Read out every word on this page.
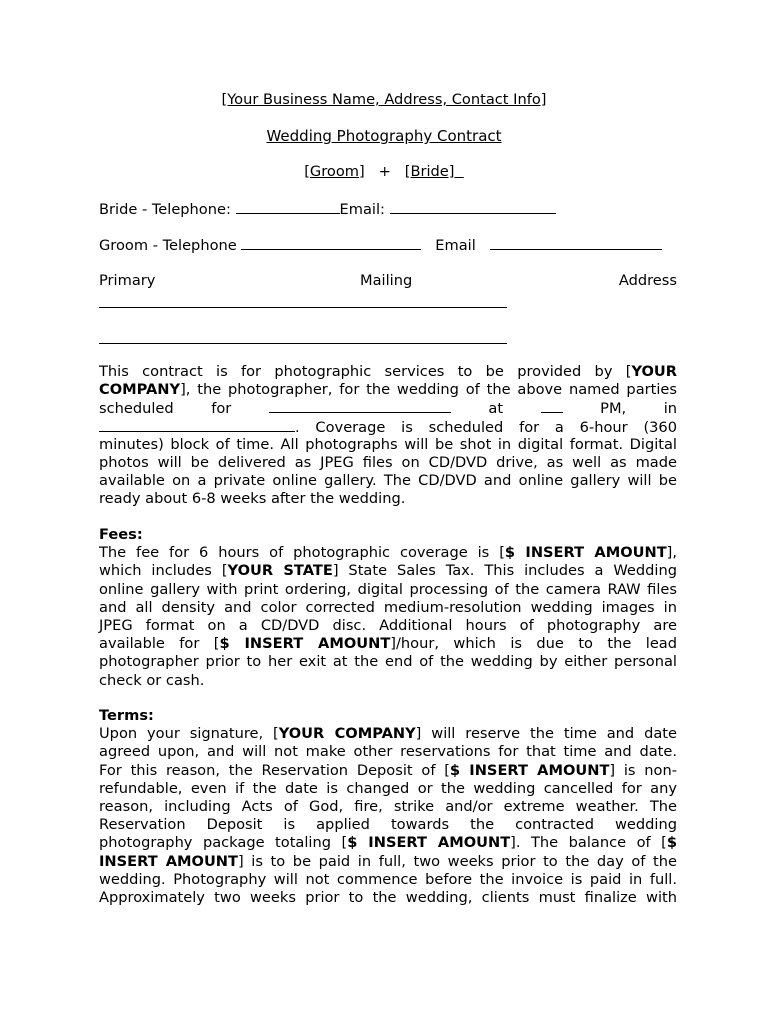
[Your Business Name, Address, Contact Info]
Wedding Photography Contract
[Groom] + [Bride]
Bride - Telephone:	Email:
Groom - Telephone	Email
Primary	Mailing	Address
This contract is for photographic services to be provided by [YOUR
COMPANY], the photographer, for the wedding of the above named parties
scheduled	for	at	PM,	in
. Coverage is scheduled for a 6-hour (360
minutes) block of time. All photographs will be shot in digital format. Digital
photos will be delivered as JPEG files on CD/DVD drive, as well as made
available on a private online gallery. The CD/DVD and online gallery will be
ready about 6-8 weeks after the wedding.
Fees:
The fee for 6 hours of photographic coverage is [$ INSERT AMOUNT],
which includes [YOUR STATE] State Sales Tax. This includes a Wedding
online gallery with print ordering, digital processing of the camera RAW files
and all density and color corrected medium-resolution wedding images in
JPEG format on a CD/DVD disc. Additional hours of photography are
available for [$ INSERT AMOUNT]/hour, which is due to the lead
photographer prior to her exit at the end of the wedding by either personal
check or cash.
Terms:
Upon your signature, [YOUR COMPANY] will reserve the time and date
agreed upon, and will not make other reservations for that time and date.
For this reason, the Reservation Deposit of [$ INSERT AMOUNT] is non-
refundable, even if the date is changed or the wedding cancelled for any
reason, including Acts of God, fire, strike and/or extreme weather. The
Reservation Deposit is applied towards the contracted wedding
photography package totaling [$ INSERT AMOUNT]. The balance of [$
INSERT AMOUNT] is to be paid in full, two weeks prior to the day of the
wedding. Photography will not commence before the invoice is paid in full.
Approximately two weeks prior to the wedding, clients must finalize with
